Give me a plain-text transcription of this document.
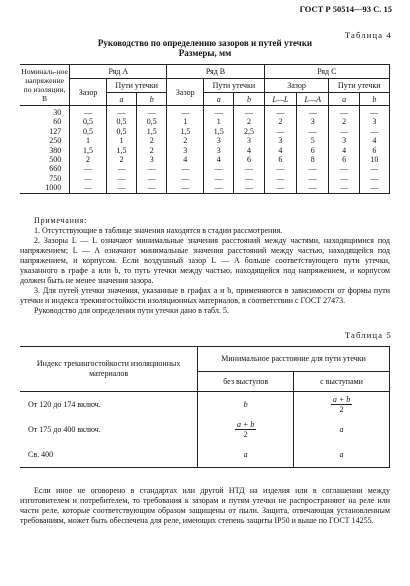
ГОСТ Р 50514—93 С. 15
Таблица 4
Руководство по определению зазоров и путей утечки
Размеры, мм
Номиналь-ное напряжение по изоляции, В	Ряд А			Ряд В			Ряд С			
	Зазор	Пути утечки		Зазор	Пути утечки		Зазор		Пути утечки	
		a	b		a	b	L—L	L—A	a	b
30	—	—	—	—	—	—	—	—	—	—
60	0,5	0,5	0,5	1	1	2	2	3	2	3
127	0,5	0,5	1,5	1,5	1,5	2,5	—	—	—	—
250	1	1	2	2	3	3	3	5	3	4
380	1,5	1,5	2	3	3	4	4	6	4	6
500	2	2	3	4	4	6	6	8	6	10
660	—	—	—	—	—	—	—	—	—	—
750	—	—	—	—	—	—	—	—	—	—
1000	—	—	—	—	—	—	—	—	—	—

Примечания:

1. Отсутствующие в таблице значения находятся в стадии рассмотрения.

2. Зазоры L — L означают минимальные значения расстояний между частями, находящимися под напряжением; L — A означают минимальные значения расстояний между частью, находящейся под напряжением, и корпусом. Если воздушный зазор L — A больше соответствующего пути утечки, указанного в графе a или b, то путь утечки между частью, находящейся под напряжением, и корпусом должен быть не менее значения зазора.

3. Для путей утечки значения, указанные в графах a и b, применяются в зависимости от формы пути утечки и индекса трекингостойкости изоляционных материалов, в соответствии с ГОСТ 27473.

Руководство для определения пути утечки дано в табл. 5.

Таблица 5
Индекс трекингостойкости изоляционных материалов	Минимальное расстояние для пути утечки	
	без выступов	с выступами
От 120 до 174 включ.	b	$\frac{a + b}{2}$

От 175 до 400 включ.	$\frac{a + b}{2}$	a
Св. 400	a	a

Если иное не оговорено в стандартах или другой НТД на изделия или в соглашении между изготовителем и потребителем, то требования к зазорам и путям утечки не распространяют на реле или части реле, которые соответствующим образом защищены от пыли. Защита, отвечающая установленным требованиям, может быть обеспечена для реле, имеющих степень защиты IP50 и выше по ГОСТ 14255.
